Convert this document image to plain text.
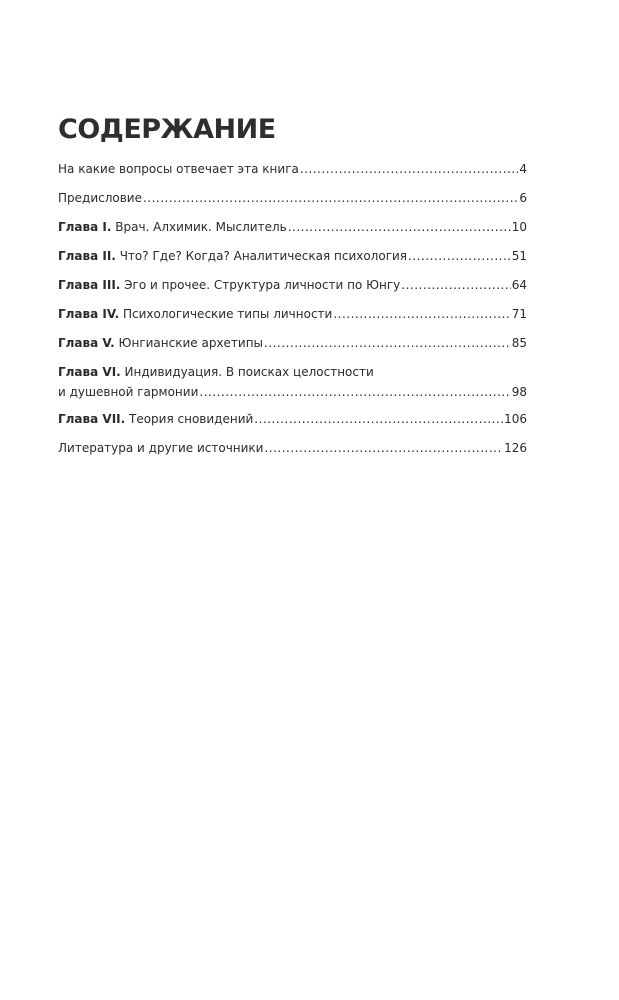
СОДЕРЖАНИЕ
На какие вопросы отвечает эта книга .....	4
Предисловие .....	6
Глава I. Врач. Алхимик. Мыслитель .....	10
Глава II. Что? Где? Когда? Аналитическая психология .....	51
Глава III. Эго и прочее. Структура личности по Юнгу .....	64
Глава IV. Психологические типы личности .....	71
Глава V. Юнгианские архетипы .....	85
Глава VI. Индивидуация. В поисках целостности
и душевной гармонии .....	98
Глава VII. Теория сновидений .....	106
Литература и другие источники .....	126
